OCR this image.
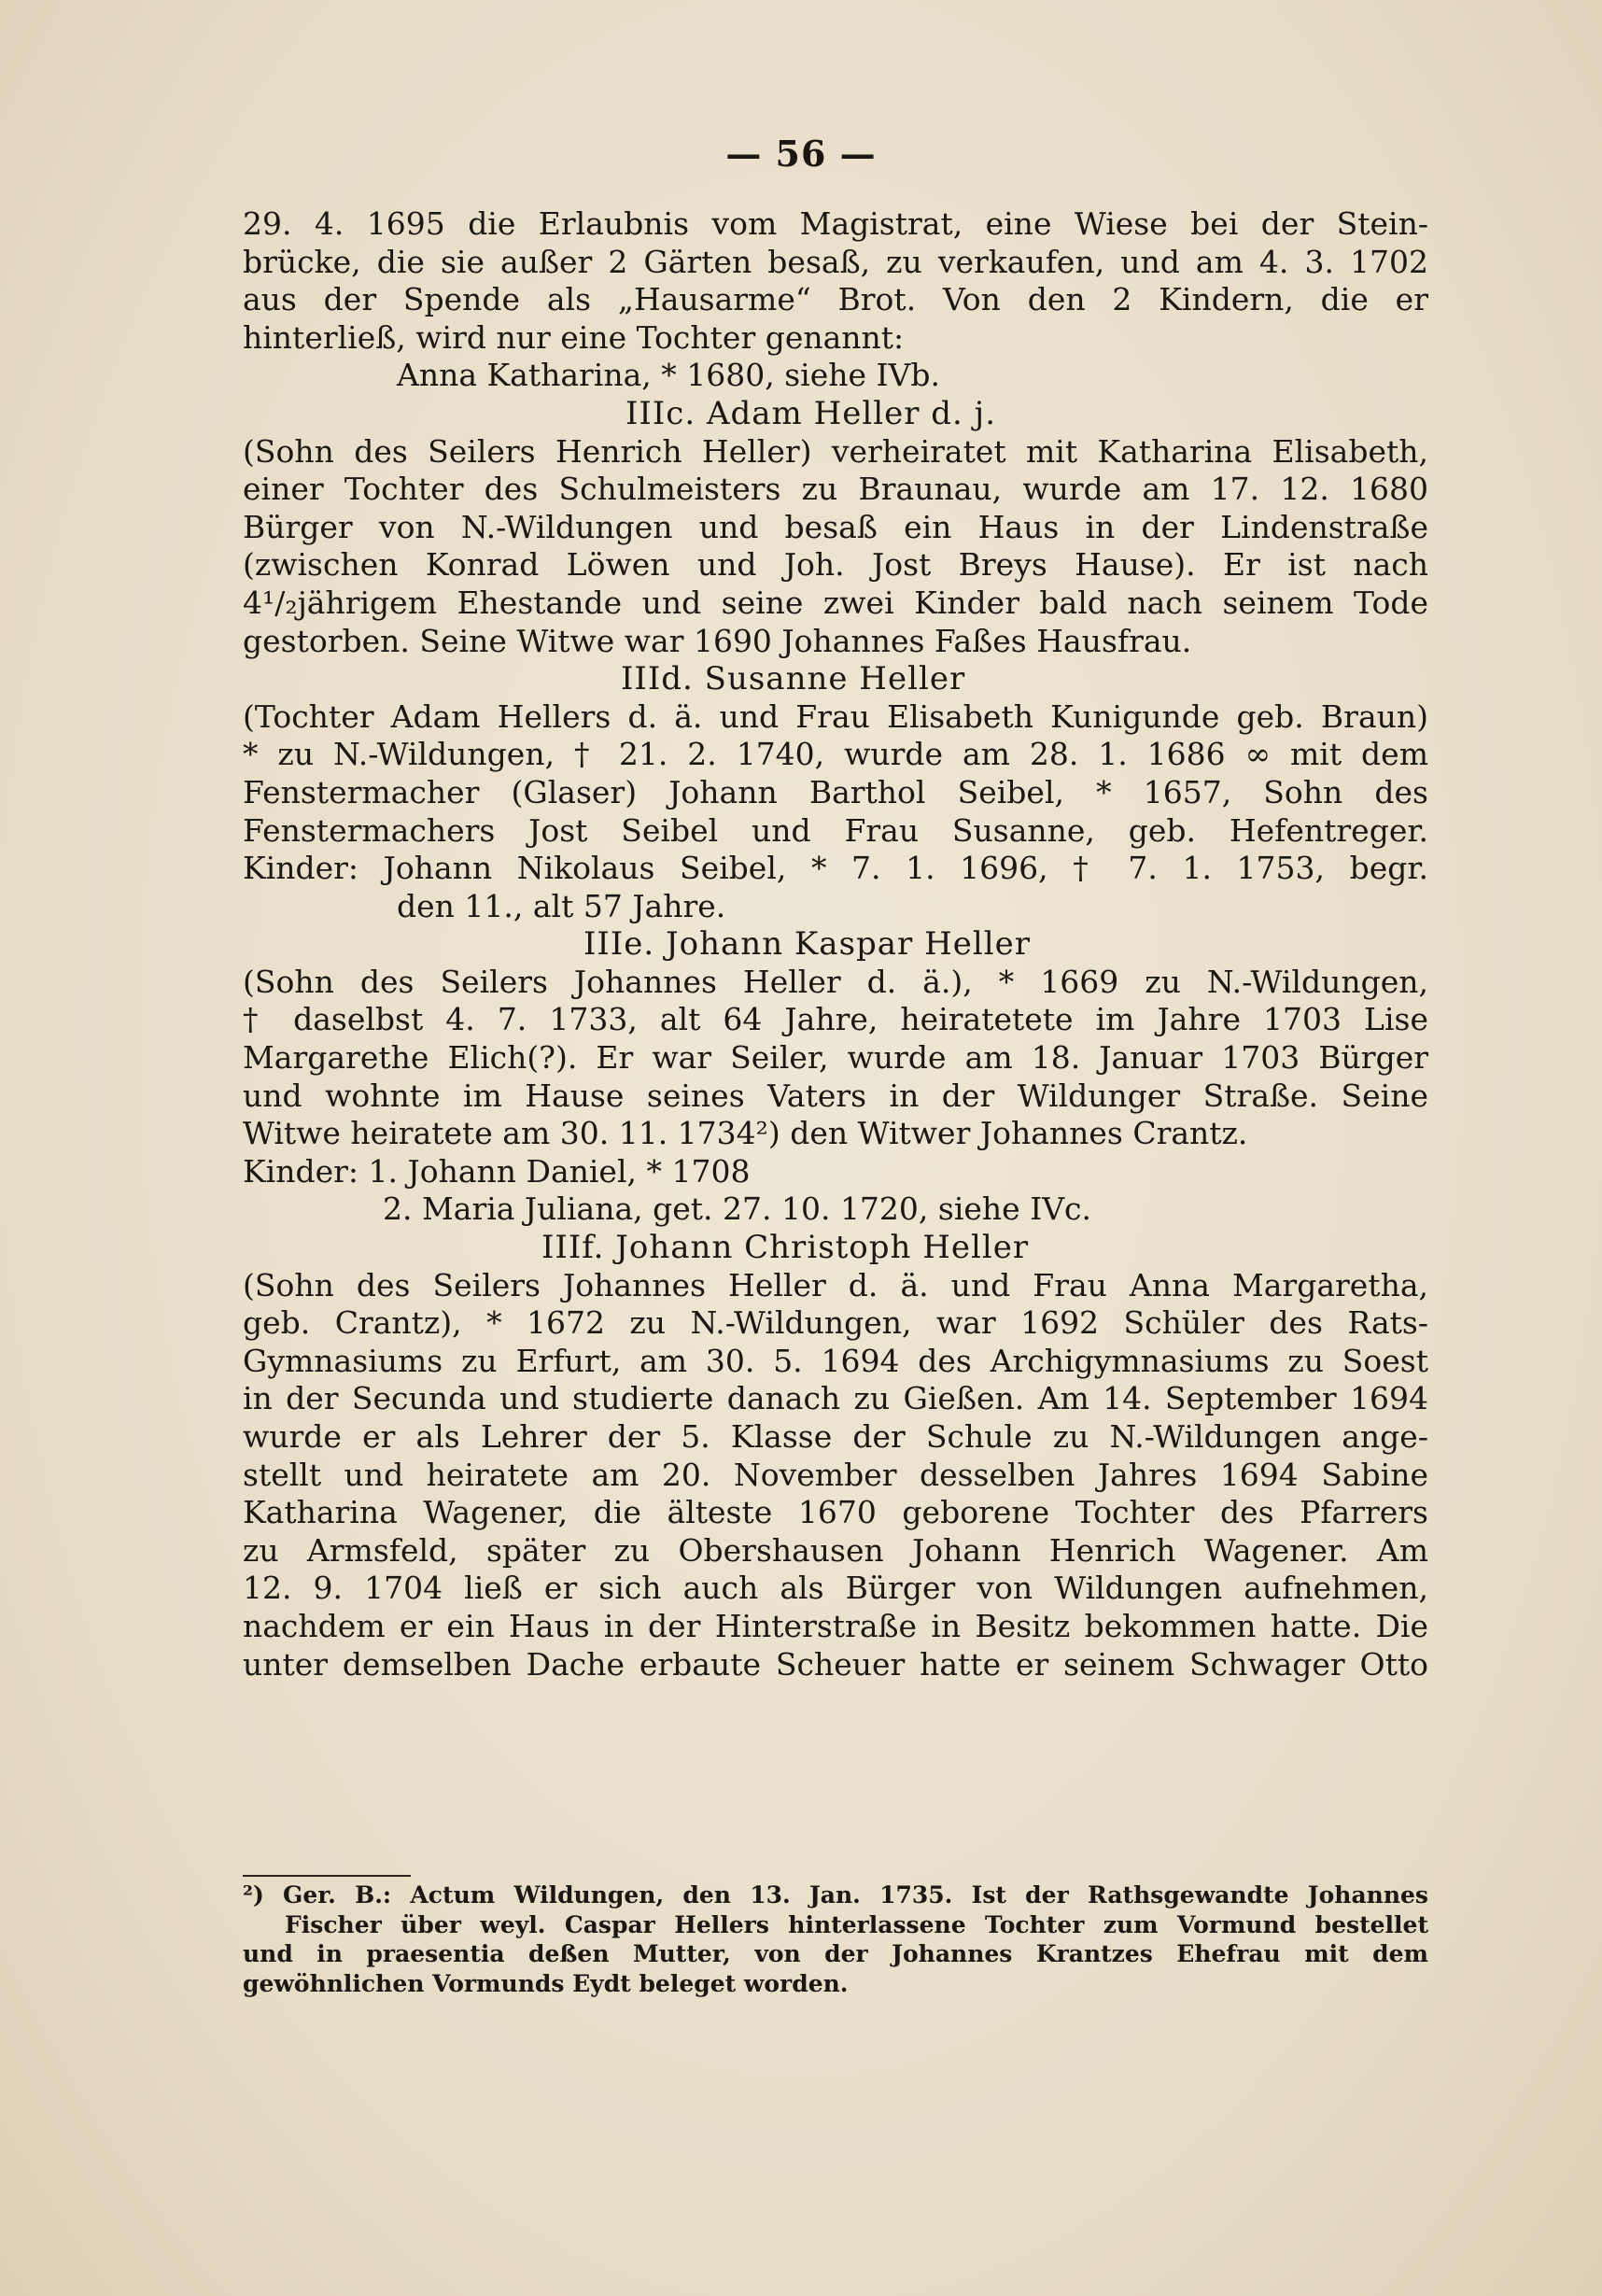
— 56 —
29. 4. 1695 die Erlaubnis vom Magistrat, eine Wiese bei der Stein-
brücke, die sie außer 2 Gärten besaß, zu verkaufen, und am 4. 3. 1702
aus der Spende als „Hausarme“ Brot. Von den 2 Kindern, die er
hinterließ, wird nur eine Tochter genannt:
Anna Katharina, * 1680, siehe IVb.
IIIc. Adam Heller d. j.
(Sohn des Seilers Henrich Heller) verheiratet mit Katharina Elisabeth,
einer Tochter des Schulmeisters zu Braunau, wurde am 17. 12. 1680
Bürger von N.-Wildungen und besaß ein Haus in der Lindenstraße
(zwischen Konrad Löwen und Joh. Jost Breys Hause). Er ist nach
4¹/₂jährigem Ehestande und seine zwei Kinder bald nach seinem Tode
gestorben. Seine Witwe war 1690 Johannes Faßes Hausfrau.
IIId. Susanne Heller
(Tochter Adam Hellers d. ä. und Frau Elisabeth Kunigunde geb. Braun)
* zu N.-Wildungen, † 21. 2. 1740, wurde am 28. 1. 1686 ∞ mit dem
Fenstermacher (Glaser) Johann Barthol Seibel, * 1657, Sohn des
Fenstermachers Jost Seibel und Frau Susanne, geb. Hefentreger.
Kinder: Johann Nikolaus Seibel, * 7. 1. 1696, † 7. 1. 1753, begr.
den 11., alt 57 Jahre.
IIIe. Johann Kaspar Heller
(Sohn des Seilers Johannes Heller d. ä.), * 1669 zu N.-Wildungen,
† daselbst 4. 7. 1733, alt 64 Jahre, heiratetete im Jahre 1703 Lise
Margarethe Elich(?). Er war Seiler, wurde am 18. Januar 1703 Bürger
und wohnte im Hause seines Vaters in der Wildunger Straße. Seine
Witwe heiratete am 30. 11. 1734²) den Witwer Johannes Crantz.
Kinder: 1. Johann Daniel, * 1708
2. Maria Juliana, get. 27. 10. 1720, siehe IVc.
IIIf. Johann Christoph Heller
(Sohn des Seilers Johannes Heller d. ä. und Frau Anna Margaretha,
geb. Crantz), * 1672 zu N.-Wildungen, war 1692 Schüler des Rats-
Gymnasiums zu Erfurt, am 30. 5. 1694 des Archigymnasiums zu Soest
in der Secunda und studierte danach zu Gießen. Am 14. September 1694
wurde er als Lehrer der 5. Klasse der Schule zu N.-Wildungen ange-
stellt und heiratete am 20. November desselben Jahres 1694 Sabine
Katharina Wagener, die älteste 1670 geborene Tochter des Pfarrers
zu Armsfeld, später zu Obershausen Johann Henrich Wagener. Am
12. 9. 1704 ließ er sich auch als Bürger von Wildungen aufnehmen,
nachdem er ein Haus in der Hinterstraße in Besitz bekommen hatte. Die
unter demselben Dache erbaute Scheuer hatte er seinem Schwager Otto
²) Ger. B.: Actum Wildungen, den 13. Jan. 1735. Ist der Rathsgewandte Johannes
Fischer über weyl. Caspar Hellers hinterlassene Tochter zum Vormund bestellet
und in praesentia deßen Mutter, von der Johannes Krantzes Ehefrau mit dem
gewöhnlichen Vormunds Eydt beleget worden.
